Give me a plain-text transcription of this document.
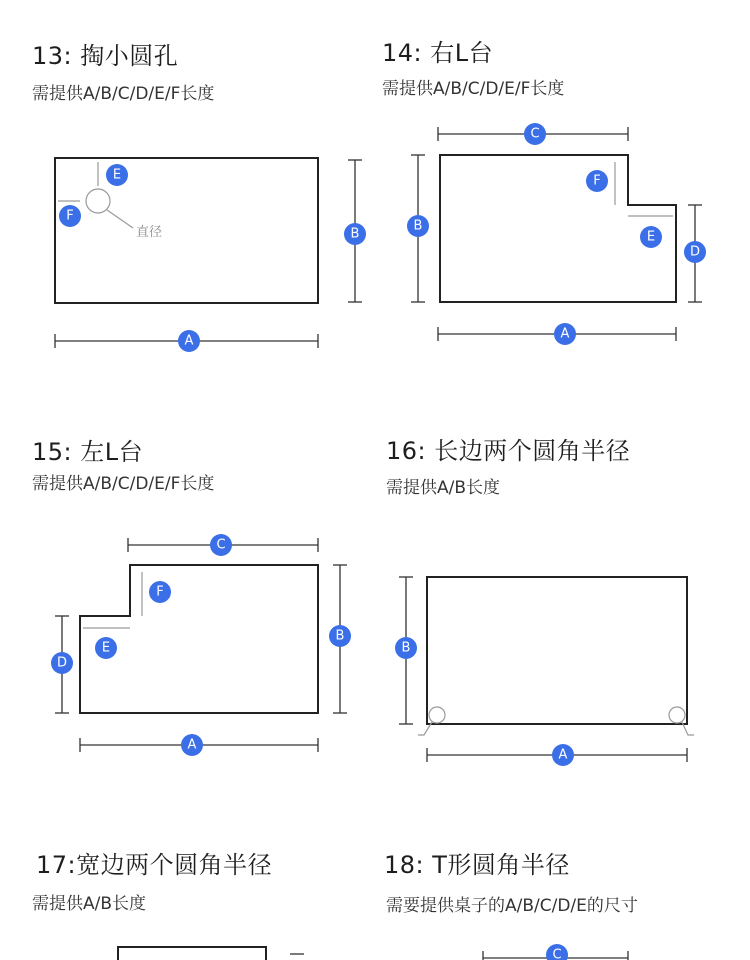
13: 掏小圆孔
需提供A/B/C/D/E/F长度
14: 右L台
需提供A/B/C/D/E/F长度
15: 左L台
需提供A/B/C/D/E/F长度
16: 长边两个圆角半径
需提供A/B长度
17:宽边两个圆角半径
需提供A/B长度
18: T形圆角半径
需要提供桌子的A/B/C/D/E的尺寸
直径
E
F
B
A
C
F
B
E
D
A
C
F
E
D
B
A
B
A
C
